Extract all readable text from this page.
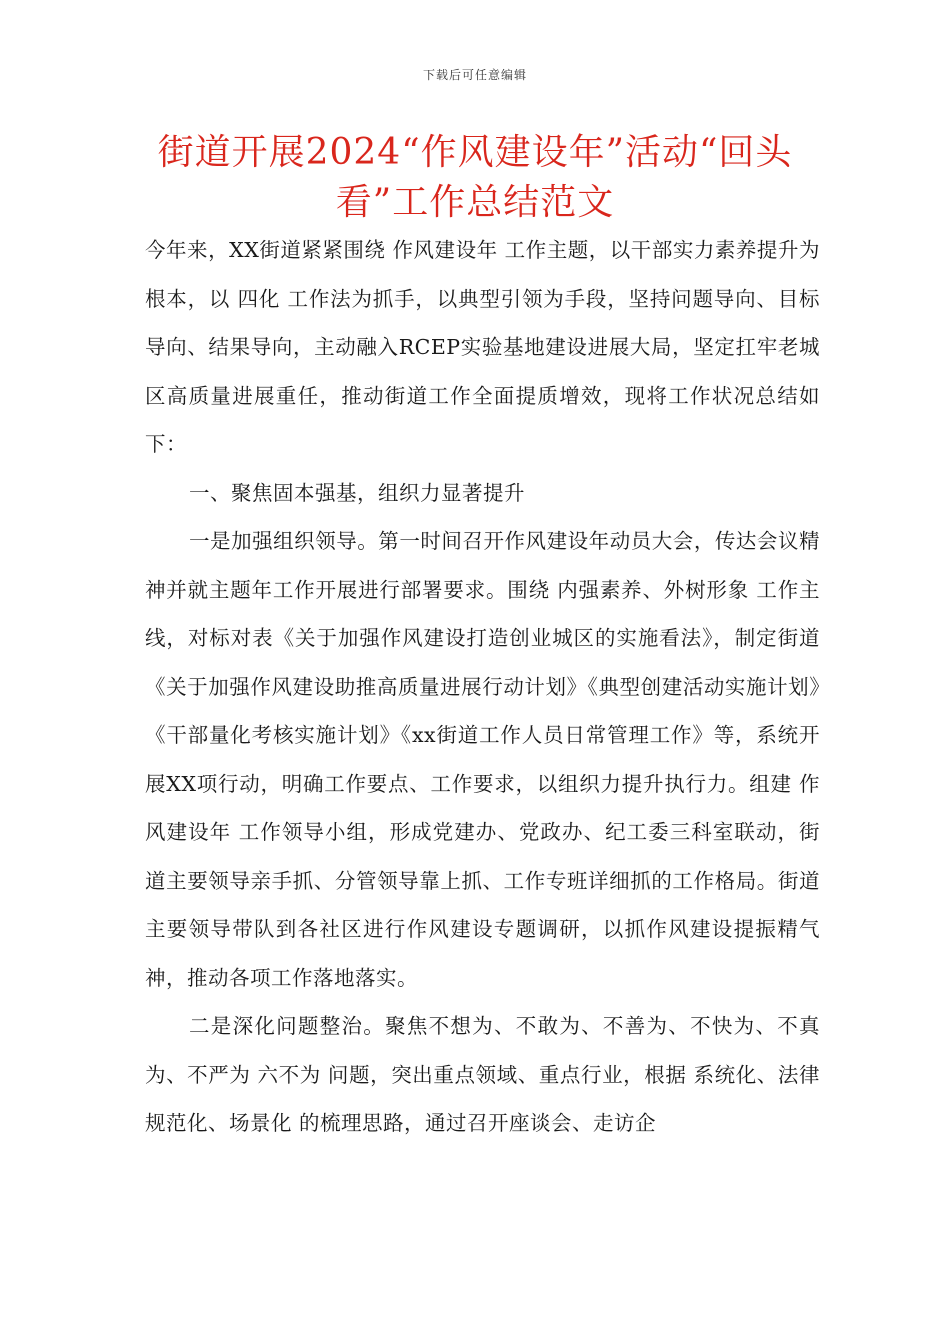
下载后可任意编辑
街道开展2024“作风建设年”活动“回头看”工作总结范文

今年来，XX街道紧紧围绕 作风建设年 工作主题，以干部实力素养提升为根本，以 四化 工作法为抓手，以典型引领为手段，坚持问题导向、目标导向、结果导向，主动融入RCEP实验基地建设进展大局，坚定扛牢老城区高质量进展重任，推动街道工作全面提质增效，现将工作状况总结如下：

一、聚焦固本强基，组织力显著提升

一是加强组织领导。第一时间召开作风建设年动员大会，传达会议精神并就主题年工作开展进行部署要求。围绕 内强素养、外树形象 工作主线，对标对表《关于加强作风建设打造创业城区的实施看法》，制定街道《关于加强作风建设助推高质量进展行动计划》《典型创建活动实施计划》《干部量化考核实施计划》《xx街道工作人员日常管理工作》等，系统开展XX项行动，明确工作要点、工作要求，以组织力提升执行力。组建 作风建设年 工作领导小组，形成党建办、党政办、纪工委三科室联动，街道主要领导亲手抓、分管领导靠上抓、工作专班详细抓的工作格局。街道主要领导带队到各社区进行作风建设专题调研，以抓作风建设提振精气神，推动各项工作落地落实。

二是深化问题整治。聚焦不想为、不敢为、不善为、不快为、不真为、不严为 六不为 问题，突出重点领域、重点行业，根据 系统化、法律规范化、场景化 的梳理思路，通过召开座谈会、走访企
